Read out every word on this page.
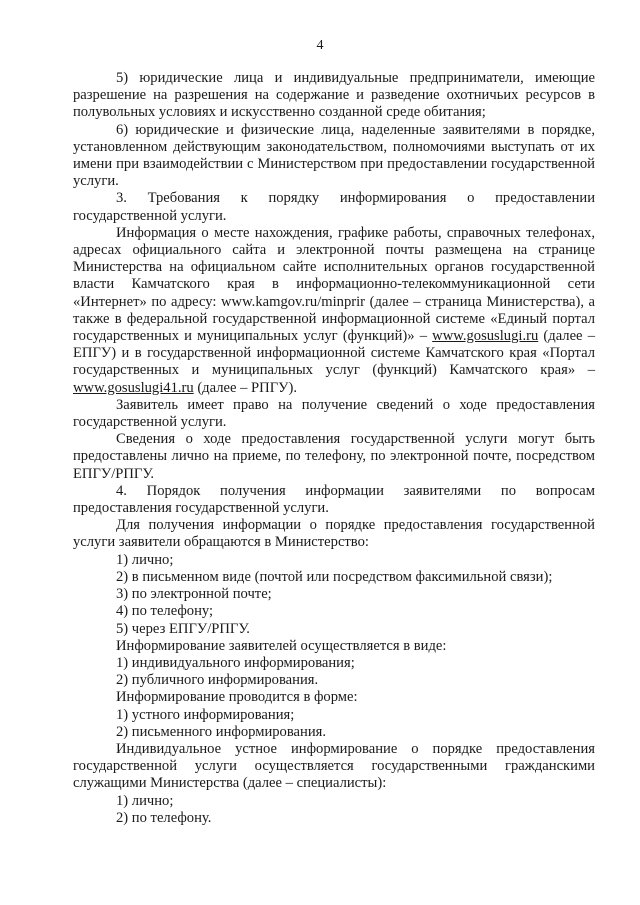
4

5) юридические лица и индивидуальные предприниматели, имеющие разрешение на разрешения на содержание и разведение охотничьих ресурсов в полувольных условиях и искусственно созданной среде обитания;

6) юридические и физические лица, наделенные заявителями в порядке, установленном действующим законодательством, полномочиями выступать от их имени при взаимодействии с Министерством при предоставлении государственной услуги.

3. Требования к порядку информирования о предоставлении государственной услуги.

Информация о месте нахождения, графике работы, справочных телефонах, адресах официального сайта и электронной почты размещена на странице Министерства на официальном сайте исполнительных органов государственной власти Камчатского края в информационно-телекоммуникационной сети «Интернет» по адресу: www.kamgov.ru/minprir (далее – страница Министерства), а также в федеральной государственной информационной системе «Единый портал государственных и муниципальных услуг (функций)» – www.gosuslugi.ru (далее – ЕПГУ) и в государственной информационной системе Камчатского края «Портал государственных и муниципальных услуг (функций) Камчатского края» – www.gosuslugi41.ru (далее – РПГУ).

Заявитель имеет право на получение сведений о ходе предоставления государственной услуги.

Сведения о ходе предоставления государственной услуги могут быть предоставлены лично на приеме, по телефону, по электронной почте, посредством ЕПГУ/РПГУ.

4. Порядок получения информации заявителями по вопросам предоставления государственной услуги.

Для получения информации о порядке предоставления государственной услуги заявители обращаются в Министерство:

1) лично;

2) в письменном виде (почтой или посредством факсимильной связи);

3) по электронной почте;

4) по телефону;

5) через ЕПГУ/РПГУ.

Информирование заявителей осуществляется в виде:

1) индивидуального информирования;

2) публичного информирования.

Информирование проводится в форме:

1) устного информирования;

2) письменного информирования.

Индивидуальное устное информирование о порядке предоставления государственной услуги осуществляется государственными гражданскими служащими Министерства (далее – специалисты):

1) лично;

2) по телефону.
